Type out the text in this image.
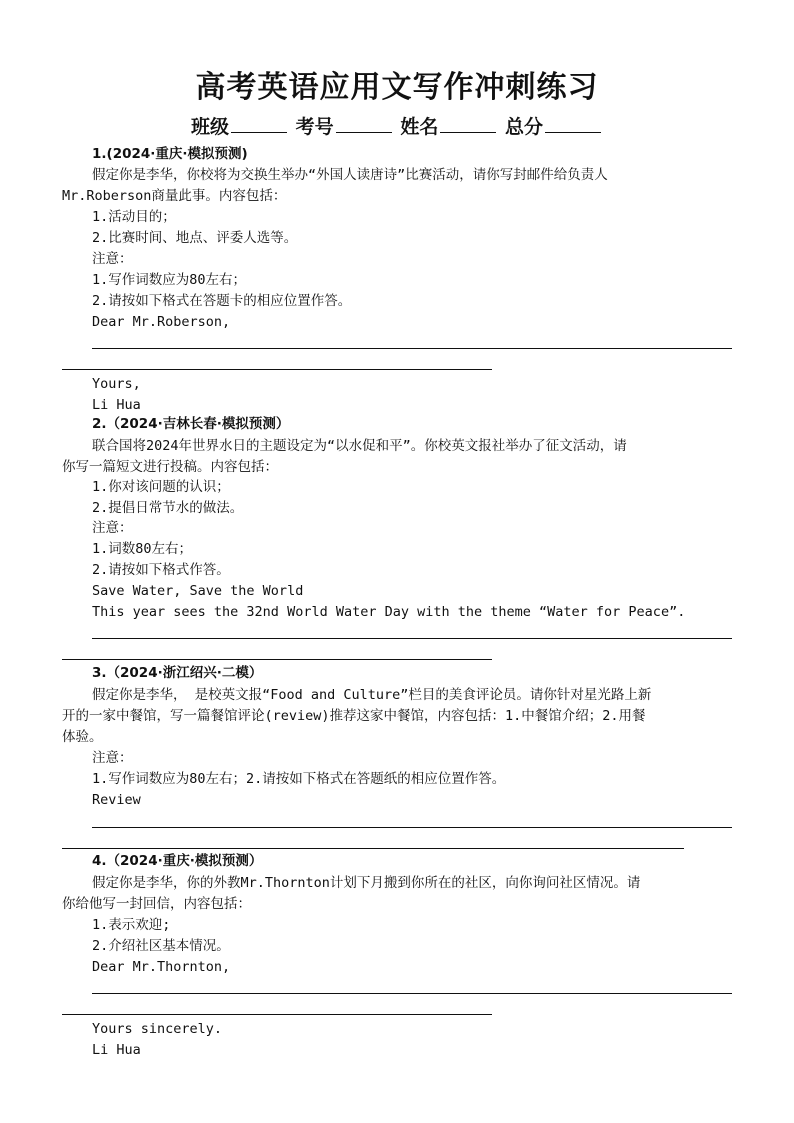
高考英语应用文写作冲刺练习
班级	考号	姓名	总分
1.(2024·重庆·模拟预测)
假定你是李华，你校将为交换生举办“外国人读唐诗”比赛活动，请你写封邮件给负责人
Mr.Roberson商量此事。内容包括：
1.活动目的；
2.比赛时间、地点、评委人选等。
注意：
1.写作词数应为80左右；
2.请按如下格式在答题卡的相应位置作答。
Dear Mr.Roberson,
Yours,
Li Hua
2.（2024·吉林长春·模拟预测）
联合国将2024年世界水日的主题设定为“以水促和平”。你校英文报社举办了征文活动，请
你写一篇短文进行投稿。内容包括：
1.你对该问题的认识；
2.提倡日常节水的做法。
注意：
1.词数80左右；
2.请按如下格式作答。
Save Water, Save the World
This year sees the 32nd World Water Day with the theme “Water for Peace”.
3.（2024·浙江绍兴·二模）
假定你是李华， 是校英文报“Food and Culture”栏目的美食评论员。请你针对星光路上新
开的一家中餐馆，写一篇餐馆评论(review)推荐这家中餐馆，内容包括：1.中餐馆介绍；2.用餐
体验。
注意：
1.写作词数应为80左右；2.请按如下格式在答题纸的相应位置作答。
Review
4.（2024·重庆·模拟预测）
假定你是李华，你的外教Mr.Thornton计划下月搬到你所在的社区，向你询问社区情况。请
你给他写一封回信，内容包括：
1.表示欢迎;
2.介绍社区基本情况。
Dear Mr.Thornton,
Yours sincerely.
Li Hua
